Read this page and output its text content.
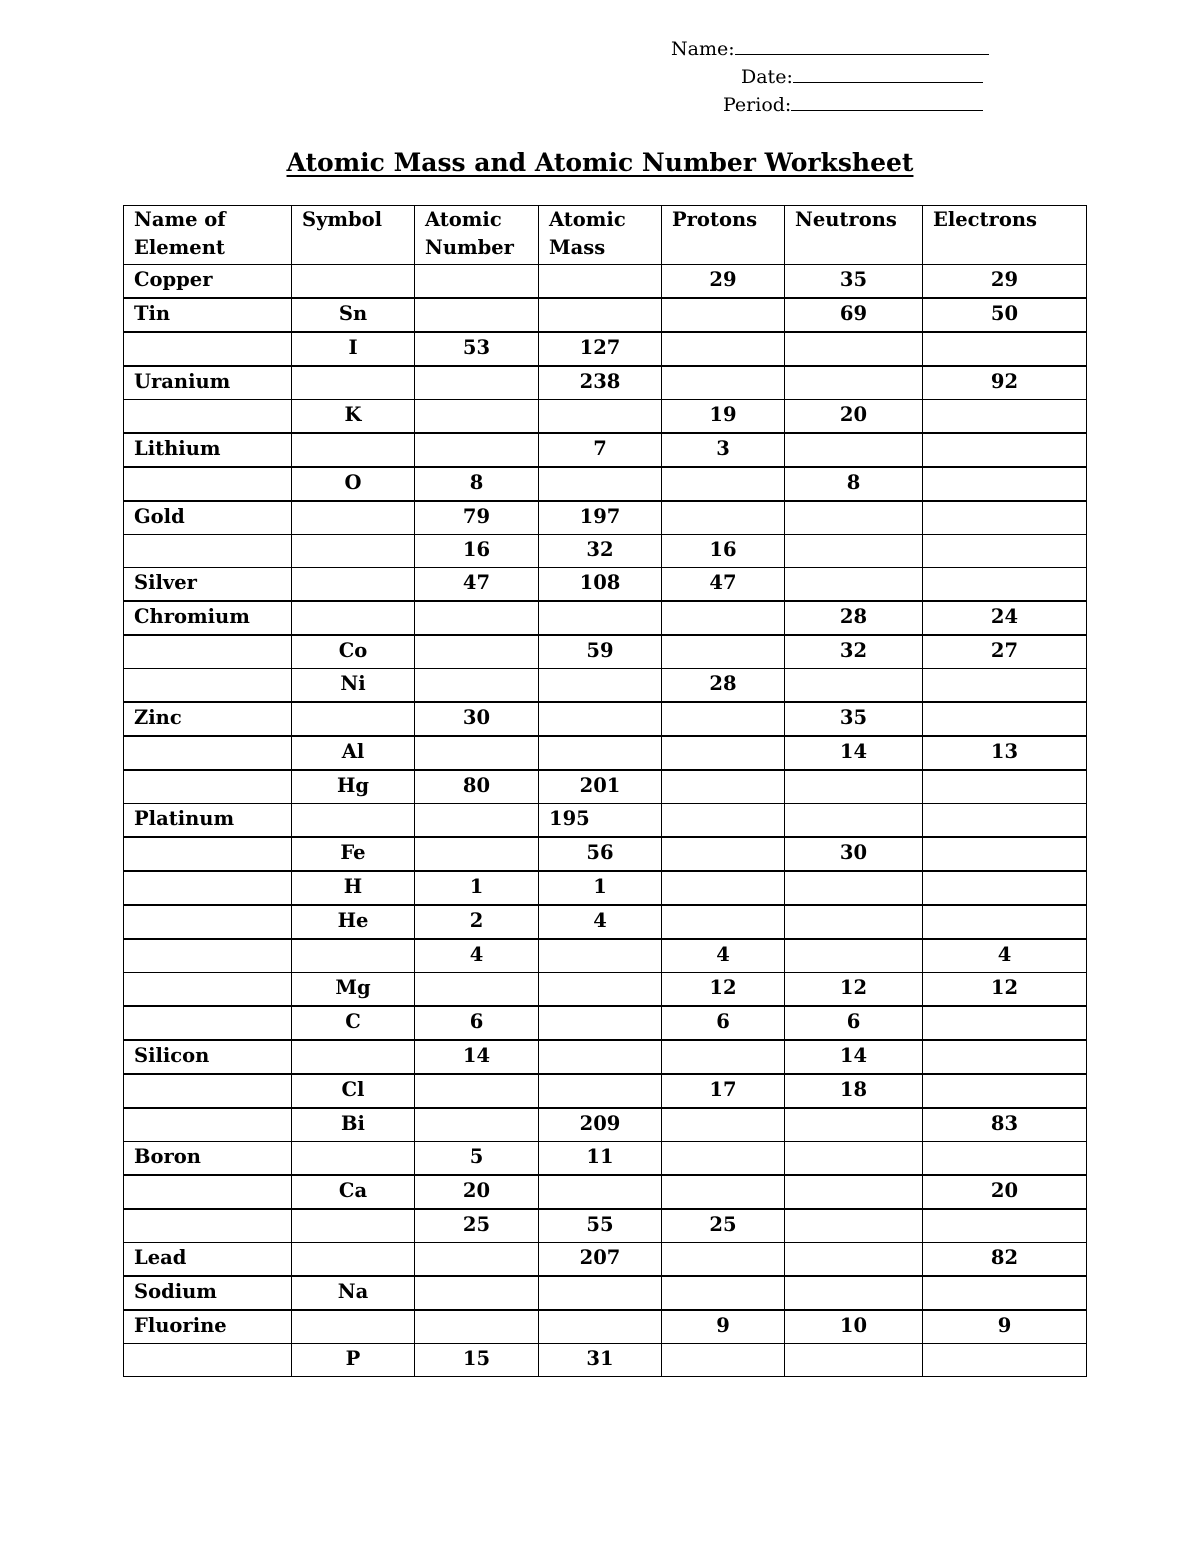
Name:
Date:
Period:
Atomic Mass and Atomic Number Worksheet
Name of Element	Symbol	Atomic Number	Atomic Mass	Protons	Neutrons	Electrons
Copper				29	35	29
Tin	Sn				69	50
	I	53	127			
Uranium			238			92
	K			19	20	
Lithium			7	3		
	O	8			8	
Gold		79	197			
		16	32	16		
Silver		47	108	47		
Chromium					28	24
	Co		59		32	27
	Ni			28		
Zinc		30			35	
	Al				14	13
	Hg	80	201			
Platinum			195			
	Fe		56		30	
	H	1	1			
	He	2	4			
		4		4		4
	Mg			12	12	12
	C	6		6	6	
Silicon		14			14	
	Cl			17	18	
	Bi		209			83
Boron		5	11			
	Ca	20				20
		25	55	25		
Lead			207			82
Sodium	Na					
Fluorine				9	10	9
	P	15	31			
